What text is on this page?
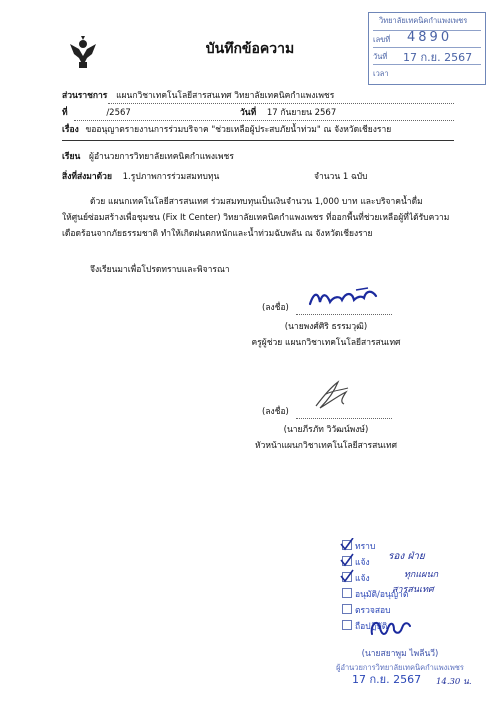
บันทึกข้อความ
วิทยาลัยเทคนิคกำแพงเพชร
เลขที่ 4890
วันที่ 17 ก.ย. 2567
เวลา
ส่วนราชการ แผนกวิชาเทคโนโลยีสารสนเทศ วิทยาลัยเทคนิคกำแพงเพชร
ที่	/2567	วันที่ 17 กันยายน 2567
เรื่อง ขออนุญาตรายงานการร่วมบริจาค "ช่วยเหลือผู้ประสบภัยน้ำท่วม" ณ จังหวัดเชียงราย
เรียน ผู้อำนวยการวิทยาลัยเทคนิคกำแพงเพชร
สิ่งที่ส่งมาด้วย 1.รูปภาพการร่วมสมทบทุน	จำนวน 1 ฉบับ
ด้วย แผนกเทคโนโลยีสารสนเทศ ร่วมสมทบทุนเป็นเงินจำนวน 1,000 บาท และบริจาคน้ำดื่ม
ให้ศูนย์ซ่อมสร้างเพื่อชุมชน (Fix It Center) วิทยาลัยเทคนิคกำแพงเพชร ที่ออกพื้นที่ช่วยเหลือผู้ที่ได้รับความ
เดือดร้อนจากภัยธรรมชาติ ทำให้เกิดฝนตกหนักและน้ำท่วมฉับพลัน ณ จังหวัดเชียงราย
จึงเรียนมาเพื่อโปรดทราบและพิจารณา
(ลงชื่อ)
(นายพงศ์ศิริ ธรรมวุฒิ)
ครูผู้ช่วย แผนกวิชาเทคโนโลยีสารสนเทศ
(ลงชื่อ)
(นายภีรภัท วิวัฒน์พงษ์)
หัวหน้าแผนกวิชาเทคโนโลยีสารสนเทศ
ทราบ
แจ้ง
แจ้ง
อนุมัติ/อนุญาต
ตรวจสอบ
ถือปฏิบัติ
รอง ฝ่าย
ทุกแผนก
สารสนเทศ
(นายสยาพูม ไพลีนวี)
ผู้อำนวยการวิทยาลัยเทคนิคกำแพงเพชร
17 ก.ย. 2567 14.30 น.
